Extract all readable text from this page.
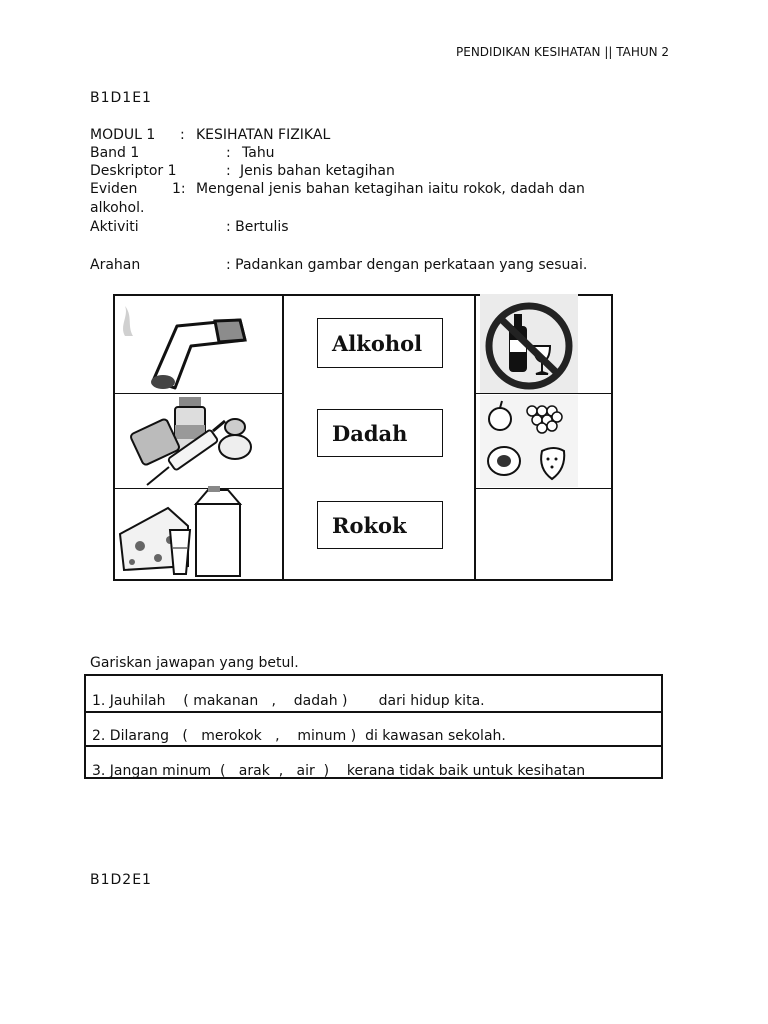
PENDIDIKAN KESIHATAN || TAHUN 2
B1D1E1
MODUL 1 : KESIHATAN FIZIKAL
Band 1	: Tahu
Deskriptor 1	: Jenis bahan ketagihan
Eviden 1: Mengenal jenis bahan ketagihan iaitu rokok, dadah dan
alkohol.
Aktiviti	: Bertulis
Arahan	: Padankan gambar dengan perkataan yang sesuai.
Alkohol
Dadah
Rokok
Gariskan jawapan yang betul.
1. Jauhilah    ( makanan   ,    dadah )       dari hidup kita.
2. Dilarang   (   merokok   ,    minum )  di kawasan sekolah.
3. Jangan minum  (   arak  ,   air  )    kerana tidak baik untuk kesihatan
B1D2E1
